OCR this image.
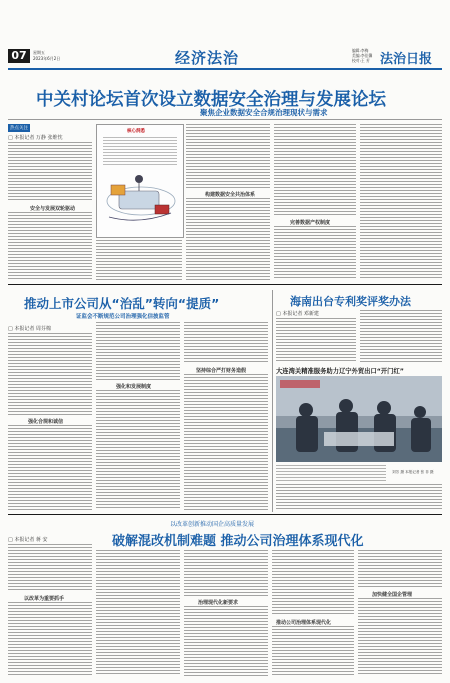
07	星期五
2023年6月2日	经济法治	编辑:李梅
美编:李佳馨
校对:王 芳 法治日报
中关村论坛首次设立数据安全治理与发展论坛
聚焦企业数据安全合规治理现状与需求
热点关注
□ 本报记者 万静 张维忱
安全与发展双轮驱动
核心洞悉
构建数据安全共治体系
完善数据产权制度
推动上市公司从“治乱”转向“提质”
证监会不断规范公司治理强化信披监管
□ 本报记者 周芬棉
强化合规和诚信
强化和发展制度
坚持综合严打财务造假
海南出台专利奖评奖办法
□ 本报记者 邓新建
大连湾关精准服务助力辽宁外贸出口“开门红”
刘芳 摄 本报记者 张 非 摄
以改革创新推动国企高质量发展
破解混改机制难题 推动公司治理体系现代化
□ 本报记者 蒋 安
以改革为重要抓手
治理现代化新要求
推动公司治理体系现代化
加快健全国企管理
